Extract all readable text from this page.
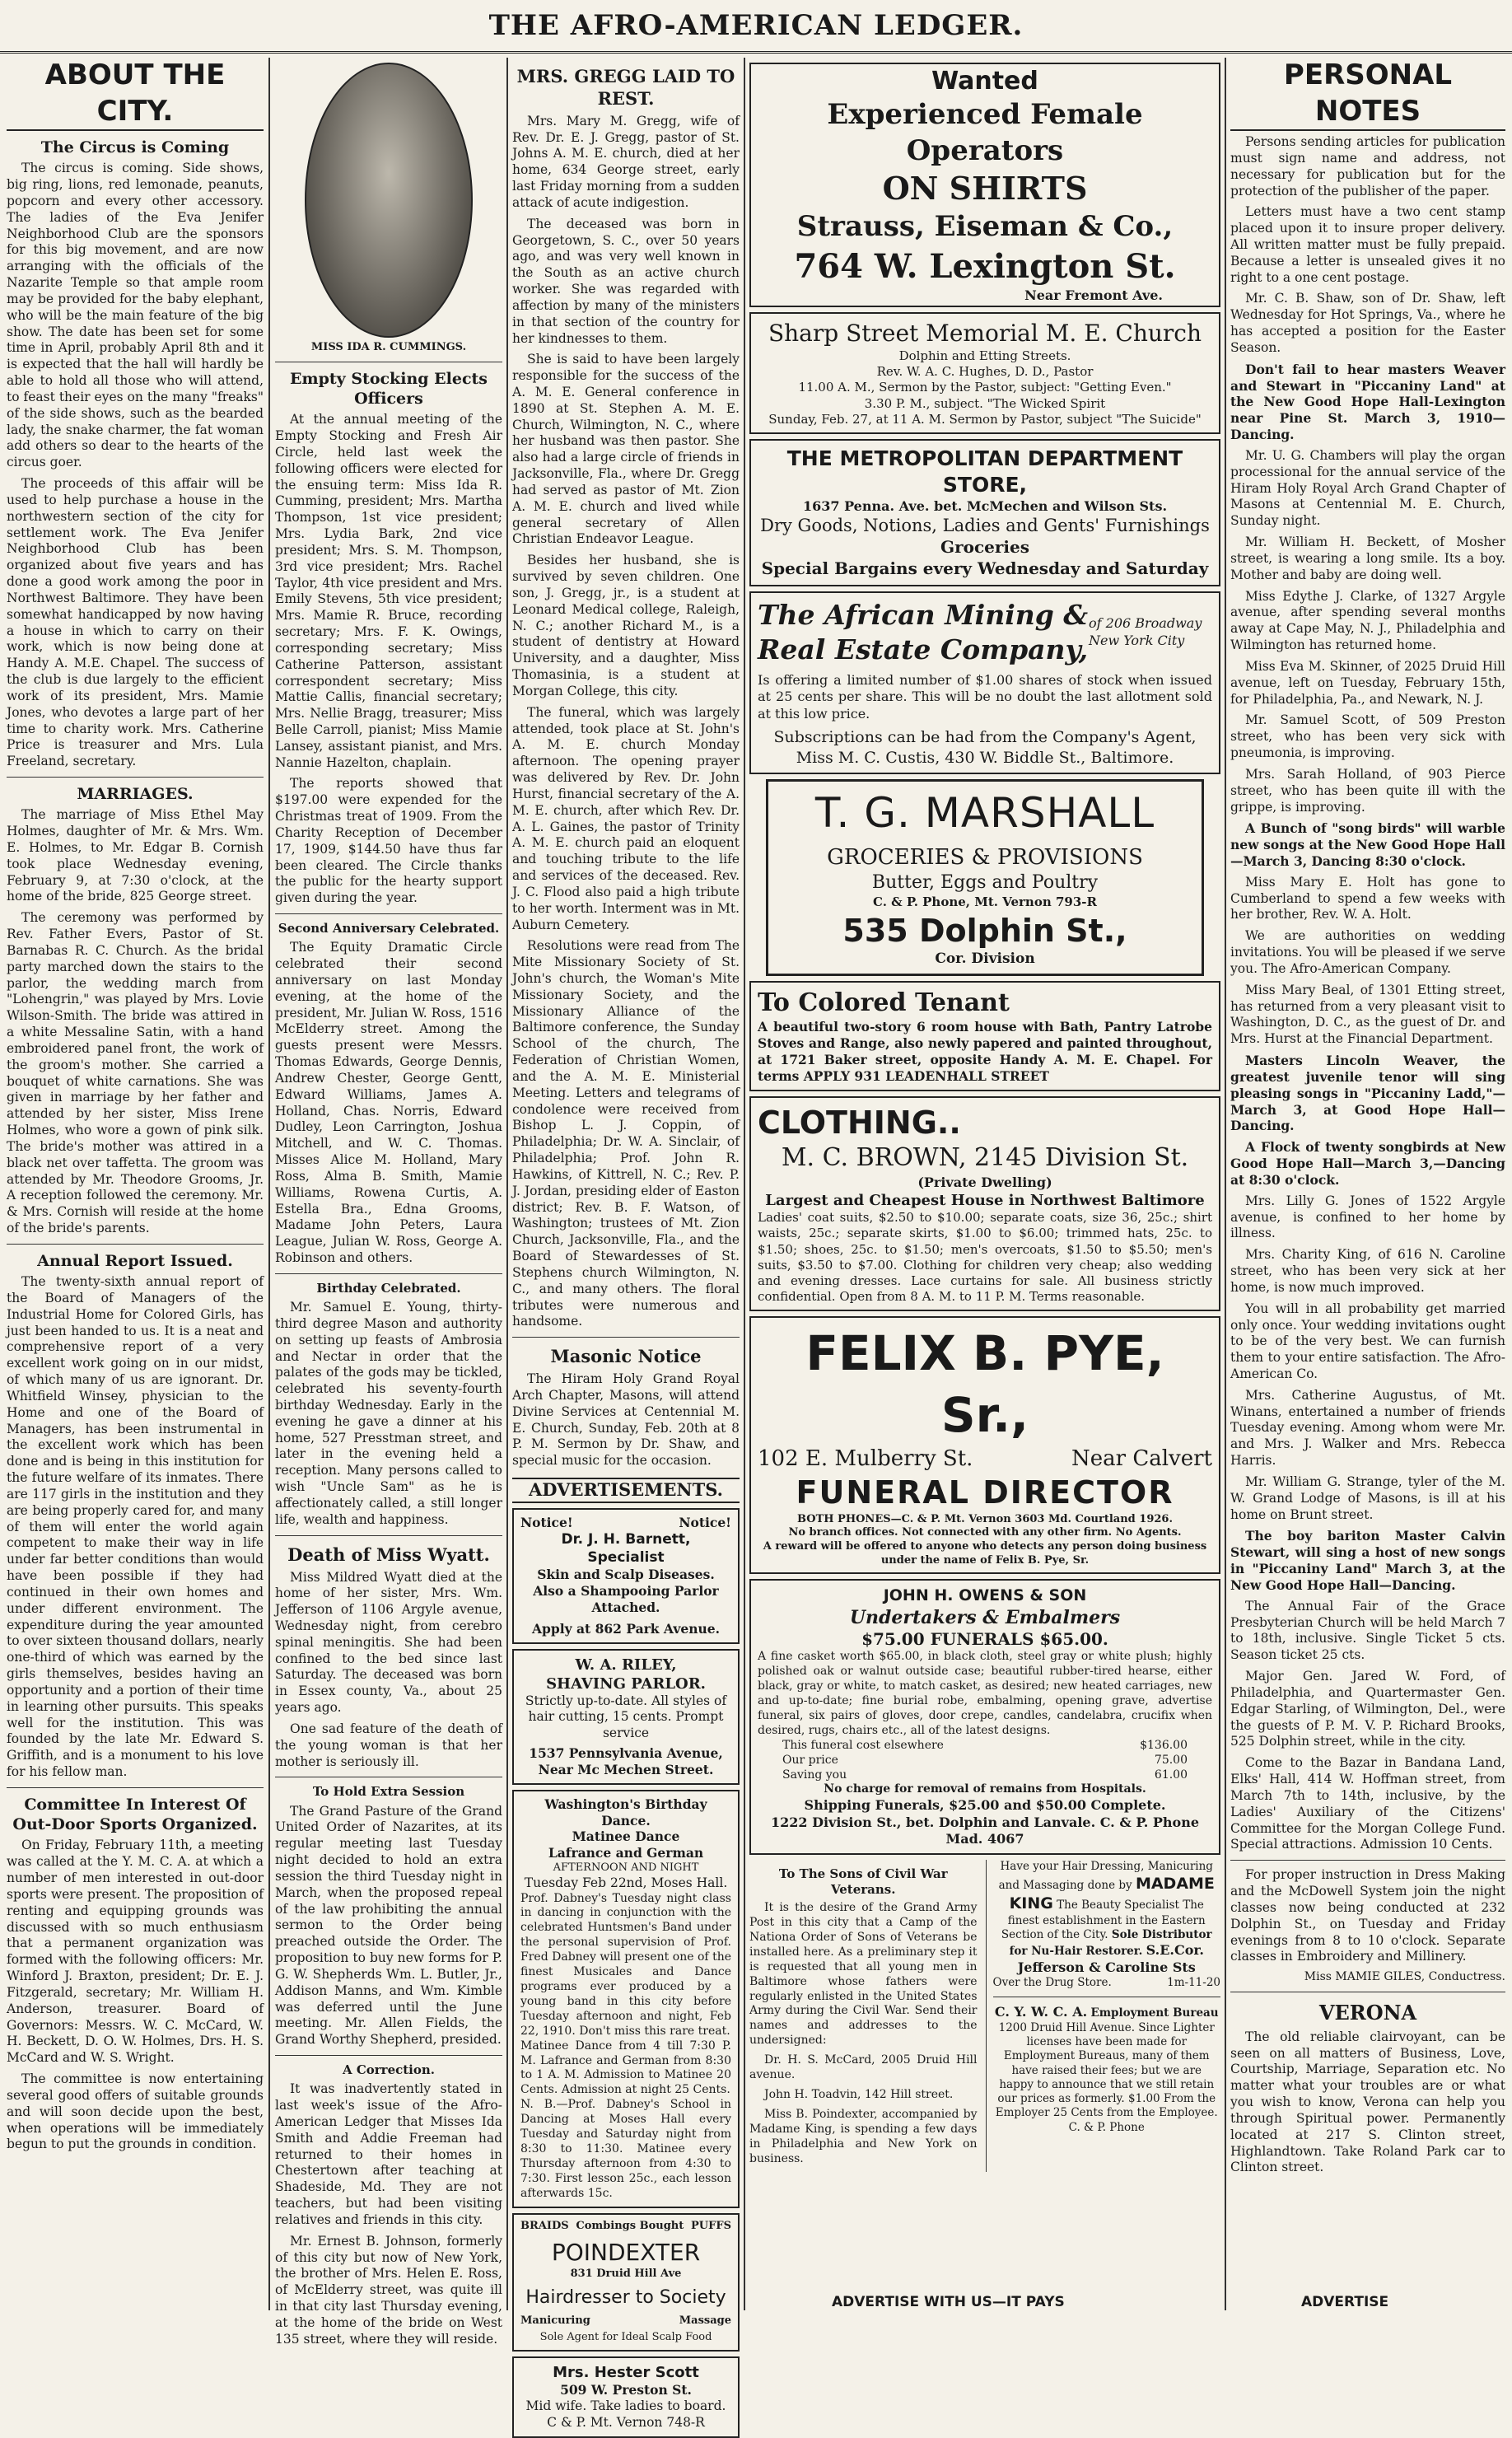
THE AFRO-AMERICAN LEDGER.
ABOUT THE CITY.
The Circus is Coming

The circus is coming. Side shows, big ring, lions, red lemonade, peanuts, popcorn and every other accessory. The ladies of the Eva Jenifer Neighborhood Club are the sponsors for this big movement, and are now arranging with the officials of the Nazarite Temple so that ample room may be provided for the baby elephant, who will be the main feature of the big show. The date has been set for some time in April, probably April 8th and it is expected that the hall will hardly be able to hold all those who will attend, to feast their eyes on the many "freaks" of the side shows, such as the bearded lady, the snake charmer, the fat woman add others so dear to the hearts of the circus goer.

The proceeds of this affair will be used to help purchase a house in the northwestern section of the city for settlement work. The Eva Jenifer Neighborhood Club has been organized about five years and has done a good work among the poor in Northwest Baltimore. They have been somewhat handicapped by now having a house in which to carry on their work, which is now being done at Handy A. M.E. Chapel. The success of the club is due largely to the efficient work of its president, Mrs. Mamie Jones, who devotes a large part of her time to charity work. Mrs. Catherine Price is treasurer and Mrs. Lula Freeland, secretary.

MARRIAGES.

The marriage of Miss Ethel May Holmes, daughter of Mr. & Mrs. Wm. E. Holmes, to Mr. Edgar B. Cornish took place Wednesday evening, February 9, at 7:30 o'clock, at the home of the bride, 825 George street.

The ceremony was performed by Rev. Father Evers, Pastor of St. Barnabas R. C. Church. As the bridal party marched down the stairs to the parlor, the wedding march from "Lohengrin," was played by Mrs. Lovie Wilson-Smith. The bride was attired in a white Messaline Satin, with a hand embroidered panel front, the work of the groom's mother. She carried a bouquet of white carnations. She was given in marriage by her father and attended by her sister, Miss Irene Holmes, who wore a gown of pink silk. The bride's mother was attired in a black net over taffetta. The groom was attended by Mr. Theodore Grooms, Jr. A reception followed the ceremony. Mr. & Mrs. Cornish will reside at the home of the bride's parents.

Annual Report Issued.

The twenty-sixth annual report of the Board of Managers of the Industrial Home for Colored Girls, has just been handed to us. It is a neat and comprehensive report of a very excellent work going on in our midst, of which many of us are ignorant. Dr. Whitfield Winsey, physician to the Home and one of the Board of Managers, has been instrumental in the excellent work which has been done and is being in this institution for the future welfare of its inmates. There are 117 girls in the institution and they are being properly cared for, and many of them will enter the world again competent to make their way in life under far better conditions than would have been possible if they had continued in their own homes and under different environment. The expenditure during the year amounted to over sixteen thousand dollars, nearly one-third of which was earned by the girls themselves, besides having an opportunity and a portion of their time in learning other pursuits. This speaks well for the institution. This was founded by the late Mr. Edward S. Griffith, and is a monument to his love for his fellow man.

Committee In Interest Of Out-Door Sports Organized.

On Friday, February 11th, a meeting was called at the Y. M. C. A. at which a number of men interested in out-door sports were present. The proposition of renting and equipping grounds was discussed with so much enthusiasm that a permanent organization was formed with the following officers: Mr. Winford J. Braxton, president; Dr. E. J. Fitzgerald, secretary; Mr. William H. Anderson, treasurer. Board of Governors: Messrs. W. C. McCard, W. H. Beckett, D. O. W. Holmes, Drs. H. S. McCard and W. S. Wright.

The committee is now entertaining several good offers of suitable grounds and will soon decide upon the best, when operations will be immediately begun to put the grounds in condition.

MISS IDA R. CUMMINGS.
Empty Stocking Elects Officers

At the annual meeting of the Empty Stocking and Fresh Air Circle, held last week the following officers were elected for the ensuing term: Miss Ida R. Cumming, president; Mrs. Martha Thompson, 1st vice president; Mrs. Lydia Bark, 2nd vice president; Mrs. S. M. Thompson, 3rd vice president; Mrs. Rachel Taylor, 4th vice president and Mrs. Emily Stevens, 5th vice president; Mrs. Mamie R. Bruce, recording secretary; Mrs. F. K. Owings, corresponding secretary; Miss Catherine Patterson, assistant correspondent secretary; Miss Mattie Callis, financial secretary; Mrs. Nellie Bragg, treasurer; Miss Belle Carroll, pianist; Miss Mamie Lansey, assistant pianist, and Mrs. Nannie Hazelton, chaplain.

The reports showed that $197.00 were expended for the Christmas treat of 1909. From the Charity Reception of December 17, 1909, $144.50 have thus far been cleared. The Circle thanks the public for the hearty support given during the year.

Second Anniversary Celebrated.

The Equity Dramatic Circle celebrated their second anniversary on last Monday evening, at the home of the president, Mr. Julian W. Ross, 1516 McElderry street. Among the guests present were Messrs. Thomas Edwards, George Dennis, Andrew Chester, George Gentt, Edward Williams, James A. Holland, Chas. Norris, Edward Dudley, Leon Carrington, Joshua Mitchell, and W. C. Thomas. Misses Alice M. Holland, Mary Ross, Alma B. Smith, Mamie Williams, Rowena Curtis, A. Estella Bra., Edna Grooms, Madame John Peters, Laura League, Julian W. Ross, George A. Robinson and others.

Birthday Celebrated.

Mr. Samuel E. Young, thirty-third degree Mason and authority on setting up feasts of Ambrosia and Nectar in order that the palates of the gods may be tickled, celebrated his seventy-fourth birthday Wednesday. Early in the evening he gave a dinner at his home, 527 Presstman street, and later in the evening held a reception. Many persons called to wish "Uncle Sam" as he is affectionately called, a still longer life, wealth and happiness.

Death of Miss Wyatt.

Miss Mildred Wyatt died at the home of her sister, Mrs. Wm. Jefferson of 1106 Argyle avenue, Wednesday night, from cerebro spinal meningitis. She had been confined to the bed since last Saturday. The deceased was born in Essex county, Va., about 25 years ago.

One sad feature of the death of the young woman is that her mother is seriously ill.

To Hold Extra Session

The Grand Pasture of the Grand United Order of Nazarites, at its regular meeting last Tuesday night decided to hold an extra session the third Tuesday night in March, when the proposed repeal of the law prohibiting the annual sermon to the Order being preached outside the Order. The proposition to buy new forms for P. G. W. Shepherds Wm. L. Butler, Jr., Addison Manns, and Wm. Kimble was deferred until the June meeting. Mr. Allen Fields, the Grand Worthy Shepherd, presided.

A Correction.

It was inadvertently stated in last week's issue of the Afro-American Ledger that Misses Ida Smith and Addie Freeman had returned to their homes in Chestertown after teaching at Shadeside, Md. They are not teachers, but had been visiting relatives and friends in this city.

Mr. Ernest B. Johnson, formerly of this city but now of New York, the brother of Mrs. Helen E. Ross, of McElderry street, was quite ill in that city last Thursday evening, at the home of the bride on West 135 street, where they will reside.

MRS. GREGG LAID TO REST.

Mrs. Mary M. Gregg, wife of Rev. Dr. E. J. Gregg, pastor of St. Johns A. M. E. church, died at her home, 634 George street, early last Friday morning from a sudden attack of acute indigestion.

The deceased was born in Georgetown, S. C., over 50 years ago, and was very well known in the South as an active church worker. She was regarded with affection by many of the ministers in that section of the country for her kindnesses to them.

She is said to have been largely responsible for the success of the A. M. E. General conference in 1890 at St. Stephen A. M. E. Church, Wilmington, N. C., where her husband was then pastor. She also had a large circle of friends in Jacksonville, Fla., where Dr. Gregg had served as pastor of Mt. Zion A. M. E. church and lived while general secretary of Allen Christian Endeavor League.

Besides her husband, she is survived by seven children. One son, J. Gregg, jr., is a student at Leonard Medical college, Raleigh, N. C.; another Richard M., is a student of dentistry at Howard University, and a daughter, Miss Thomasinia, is a student at Morgan College, this city.

The funeral, which was largely attended, took place at St. John's A. M. E. church Monday afternoon. The opening prayer was delivered by Rev. Dr. John Hurst, financial secretary of the A. M. E. church, after which Rev. Dr. A. L. Gaines, the pastor of Trinity A. M. E. church paid an eloquent and touching tribute to the life and services of the deceased. Rev. J. C. Flood also paid a high tribute to her worth. Interment was in Mt. Auburn Cemetery.

Resolutions were read from The Mite Missionary Society of St. John's church, the Woman's Mite Missionary Society, and the Missionary Alliance of the Baltimore conference, the Sunday School of the church, The Federation of Christian Women, and the A. M. E. Ministerial Meeting. Letters and telegrams of condolence were received from Bishop L. J. Coppin, of Philadelphia; Dr. W. A. Sinclair, of Philadelphia; Prof. John R. Hawkins, of Kittrell, N. C.; Rev. P. J. Jordan, presiding elder of Easton district; Rev. B. F. Watson, of Washington; trustees of Mt. Zion Church, Jacksonville, Fla., and the Board of Stewardesses of St. Stephens church Wilmington, N. C., and many others. The floral tributes were numerous and handsome.

Masonic Notice

The Hiram Holy Grand Royal Arch Chapter, Masons, will attend Divine Services at Centennial M. E. Church, Sunday, Feb. 20th at 8 P. M. Sermon by Dr. Shaw, and special music for the occasion.

ADVERTISEMENTS.
Notice!	Notice!
Dr. J. H. Barnett, Specialist
Skin and Scalp Diseases.
Also a Shampooing Parlor
Attached.
Apply at 862 Park Avenue.
W. A. RILEY,
SHAVING PARLOR.
Strictly up-to-date. All styles of hair cutting, 15 cents. Prompt service
1537 Pennsylvania Avenue, Near Mc Mechen Street.
Washington's Birthday Dance.
Matinee Dance
Lafrance and German
AFTERNOON AND NIGHT
Tuesday Feb 22nd, Moses Hall.
Prof. Dabney's Tuesday night class in dancing in conjunction with the celebrated Huntsmen's Band under the personal supervision of Prof. Fred Dabney will present one of the finest Musicales and Dance programs ever produced by a young band in this city before Tuesday afternoon and night, Feb 22, 1910. Don't miss this rare treat.
Matinee Dance from 4 till 7:30 P. M. Lafrance and German from 8:30 to 1 A. M. Admission to Matinee 20 Cents. Admission at night 25 Cents.
N. B.—Prof. Dabney's School in Dancing at Moses Hall every Tuesday and Saturday night from 8:30 to 11:30. Matinee every Thursday afternoon from 4:30 to 7:30. First lesson 25c., each lesson afterwards 15c.
BRAIDS Combings Bought PUFFS
POINDEXTER
831 Druid Hill Ave
Hairdresser to Society
Manicuring	Massage
Sole Agent for Ideal Scalp Food
Mrs. Hester Scott
509 W. Preston St.
Mid wife. Take ladies to board.
C & P. Mt. Vernon 748-R
Wanted
Experienced Female Operators
ON SHIRTS
Strauss, Eiseman & Co.,
764 W. Lexington St.
Near Fremont Ave.
Sharp Street Memorial M. E. Church
Dolphin and Etting Streets.
Rev. W. A. C. Hughes, D. D., Pastor
11.00 A. M., Sermon by the Pastor, subject: "Getting Even."
3.30 P. M., subject. "The Wicked Spirit
Sunday, Feb. 27, at 11 A. M. Sermon by Pastor, subject "The Suicide"
THE METROPOLITAN DEPARTMENT STORE,
1637 Penna. Ave. bet. McMechen and Wilson Sts.
Dry Goods, Notions, Ladies and Gents' Furnishings
Groceries
Special Bargains every Wednesday and Saturday
The African Mining &
Real Estate Company,
of 206 Broadway
New York City
Is offering a limited number of $1.00 shares of stock when issued at 25 cents per share. This will be no doubt the last allotment sold at this low price.
Subscriptions can be had from the Company's Agent, Miss M. C. Custis, 430 W. Biddle St., Baltimore.
T. G. MARSHALL
GROCERIES & PROVISIONS
Butter, Eggs and Poultry
C. & P. Phone, Mt. Vernon 793-R
535 Dolphin St.,
Cor. Division
To Colored Tenant
A beautiful two-story 6 room house with Bath, Pantry Latrobe Stoves and Range, also newly papered and painted throughout, at 1721 Baker street, opposite Handy A. M. E. Chapel. For terms APPLY 931 LEADENHALL STREET
CLOTHING..
M. C. BROWN, 2145 Division St.
(Private Dwelling)
Largest and Cheapest House in Northwest Baltimore
Ladies' coat suits, $2.50 to $10.00; separate coats, size 36, 25c.; shirt waists, 25c.; separate skirts, $1.00 to $6.00; trimmed hats, 25c. to $1.50; shoes, 25c. to $1.50; men's overcoats, $1.50 to $5.50; men's suits, $3.50 to $7.00. Clothing for children very cheap; also wedding and evening dresses. Lace curtains for sale. All business strictly confidential. Open from 8 A. M. to 11 P. M. Terms reasonable.
FELIX B. PYE, Sr.,
102 E. Mulberry St.	Near Calvert
FUNERAL DIRECTOR
BOTH PHONES—C. & P. Mt. Vernon 3603 Md. Courtland 1926.
No branch offices. Not connected with any other firm. No Agents.
A reward will be offered to anyone who detects any person doing business under the name of Felix B. Pye, Sr.
JOHN H. OWENS & SON
Undertakers & Embalmers
$75.00 FUNERALS $65.00.
A fine casket worth $65.00, in black cloth, steel gray or white plush; highly polished oak or walnut outside case; beautiful rubber-tired hearse, either black, gray or white, to match casket, as desired; new heated carriages, new and up-to-date; fine burial robe, embalming, opening grave, advertise funeral, six pairs of gloves, door crepe, candles, candelabra, crucifix when desired, rugs, chairs etc., all of the latest designs.
This funeral cost elsewhere	$136.00
Our price	75.00
Saving you	61.00
No charge for removal of remains from Hospitals.
Shipping Funerals, $25.00 and $50.00 Complete.
1222 Division St., bet. Dolphin and Lanvale. C. & P. Phone Mad. 4067
To The Sons of Civil War Veterans.

It is the desire of the Grand Army Post in this city that a Camp of the Nationa Order of Sons of Veterans be installed here. As a preliminary step it is requested that all young men in Baltimore whose fathers were regularly enlisted in the United States Army during the Civil War. Send their names and addresses to the undersigned:

Dr. H. S. McCard, 2005 Druid Hill avenue.

John H. Toadvin, 142 Hill street.

Miss B. Poindexter, accompanied by Madame King, is spending a few days in Philadelphia and New York on business.

Have your Hair Dressing, Manicuring and Massaging done by MADAME KING The Beauty Specialist The finest establishment in the Eastern Section of the City. Sole Distributor for Nu-Hair Restorer. S.E.Cor. Jefferson & Caroline Sts
Over the Drug Store.	1m-11-20
C. Y. W. C. A. Employment Bureau 1200 Druid Hill Avenue. Since Lighter licenses have been made for Employment Bureaus, many of them have raised their fees; but we are happy to announce that we still retain our prices as formerly. $1.00 From the Employer 25 Cents from the Employee. C. & P. Phone
PERSONAL NOTES

Persons sending articles for publication must sign name and address, not necessary for publication but for the protection of the publisher of the paper.

Letters must have a two cent stamp placed upon it to insure proper delivery. All written matter must be fully prepaid. Because a letter is unsealed gives it no right to a one cent postage.

Mr. C. B. Shaw, son of Dr. Shaw, left Wednesday for Hot Springs, Va., where he has accepted a position for the Easter Season.

Don't fail to hear masters Weaver and Stewart in "Piccaniny Land" at the New Good Hope Hall-Lexington near Pine St. March 3, 1910—Dancing.

Mr. U. G. Chambers will play the organ processional for the annual service of the Hiram Holy Royal Arch Grand Chapter of Masons at Centennial M. E. Church, Sunday night.

Mr. William H. Beckett, of Mosher street, is wearing a long smile. Its a boy. Mother and baby are doing well.

Miss Edythe J. Clarke, of 1327 Argyle avenue, after spending several months away at Cape May, N. J., Philadelphia and Wilmington has returned home.

Miss Eva M. Skinner, of 2025 Druid Hill avenue, left on Tuesday, February 15th, for Philadelphia, Pa., and Newark, N. J.

Mr. Samuel Scott, of 509 Preston street, who has been very sick with pneumonia, is improving.

Mrs. Sarah Holland, of 903 Pierce street, who has been quite ill with the grippe, is improving.

A Bunch of "song birds" will warble new songs at the New Good Hope Hall—March 3, Dancing 8:30 o'clock.

Miss Mary E. Holt has gone to Cumberland to spend a few weeks with her brother, Rev. W. A. Holt.

We are authorities on wedding invitations. You will be pleased if we serve you. The Afro-American Company.

Miss Mary Beal, of 1301 Etting street, has returned from a very pleasant visit to Washington, D. C., as the guest of Dr. and Mrs. Hurst at the Financial Department.

Masters Lincoln Weaver, the greatest juvenile tenor will sing pleasing songs in "Piccaniny Ladd,"—March 3, at Good Hope Hall—Dancing.

A Flock of twenty songbirds at New Good Hope Hall—March 3,—Dancing at 8:30 o'clock.

Mrs. Lilly G. Jones of 1522 Argyle avenue, is confined to her home by illness.

Mrs. Charity King, of 616 N. Caroline street, who has been very sick at her home, is now much improved.

You will in all probability get married only once. Your wedding invitations ought to be of the very best. We can furnish them to your entire satisfaction. The Afro-American Co.

Mrs. Catherine Augustus, of Mt. Winans, entertained a number of friends Tuesday evening. Among whom were Mr. and Mrs. J. Walker and Mrs. Rebecca Harris.

Mr. William G. Strange, tyler of the M. W. Grand Lodge of Masons, is ill at his home on Brunt street.

The boy bariton Master Calvin Stewart, will sing a host of new songs in "Piccaniny Land" March 3, at the New Good Hope Hall—Dancing.

The Annual Fair of the Grace Presbyterian Church will be held March 7 to 18th, inclusive. Single Ticket 5 cts. Season ticket 25 cts.

Major Gen. Jared W. Ford, of Philadelphia, and Quartermaster Gen. Edgar Starling, of Wilmington, Del., were the guests of P. M. V. P. Richard Brooks, 525 Dolphin street, while in the city.

Come to the Bazar in Bandana Land, Elks' Hall, 414 W. Hoffman street, from March 7th to 14th, inclusive, by the Ladies' Auxiliary of the Citizens' Committee for the Morgan College Fund. Special attractions. Admission 10 Cents.

For proper instruction in Dress Making and the McDowell System join the night classes now being conducted at 232 Dolphin St., on Tuesday and Friday evenings from 8 to 10 o'clock. Separate classes in Embroidery and Millinery.

Miss MAMIE GILES, Conductress.
VERONA

The old reliable clairvoyant, can be seen on all matters of Business, Love, Courtship, Marriage, Separation etc. No matter what your troubles are or what you wish to know, Verona can help you through Spiritual power. Permanently located at 217 S. Clinton street, Highlandtown. Take Roland Park car to Clinton street.

ADVERTISE WITH US—IT PAYS	ADVERTISE
